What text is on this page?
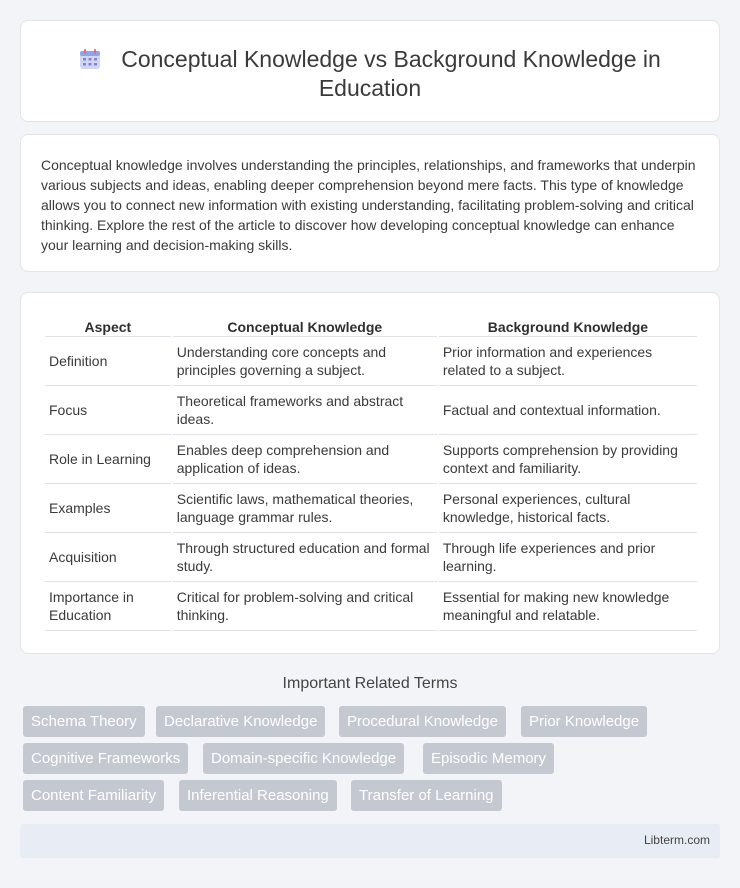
Conceptual Knowledge vs Background Knowledge in Education

Conceptual knowledge involves understanding the principles, relationships, and frameworks that underpin various subjects and ideas, enabling deeper comprehension beyond mere facts. This type of knowledge allows you to connect new information with existing understanding, facilitating problem-solving and critical thinking. Explore the rest of the article to discover how developing conceptual knowledge can enhance your learning and decision-making skills.

Aspect	Conceptual Knowledge	Background Knowledge
Definition	Understanding core concepts and principles governing a subject.	Prior information and experiences related to a subject.
Focus	Theoretical frameworks and abstract ideas.	Factual and contextual information.
Role in Learning	Enables deep comprehension and application of ideas.	Supports comprehension by providing context and familiarity.
Examples	Scientific laws, mathematical theories, language grammar rules.	Personal experiences, cultural knowledge, historical facts.
Acquisition	Through structured education and formal study.	Through life experiences and prior learning.
Importance in Education	Critical for problem-solving and critical thinking.	Essential for making new knowledge meaningful and relatable.
Important Related Terms
Schema Theory	Declarative Knowledge	Procedural Knowledge	Prior Knowledge
Cognitive Frameworks	Domain-specific Knowledge	Episodic Memory
Content Familiarity	Inferential Reasoning	Transfer of Learning
Libterm.com
